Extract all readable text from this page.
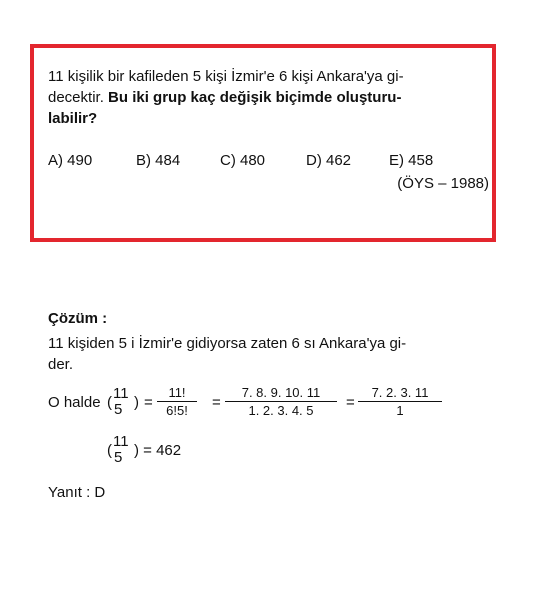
11 kişilik bir kafileden 5 kişi İzmir'e 6 kişi Ankara'ya gi-
decektir. Bu iki grup kaç değişik biçimde oluşturu-
labilir?
A) 490	B) 484	C) 480	D) 462	E) 458
(ÖYS – 1988)
Çözüm :
11 kişiden 5 i İzmir'e gidiyorsa zaten 6 sı Ankara'ya gi-
der.
O halde (
11
5 ) = $\frac{11!}{6!5!} = \frac{7. 8. 9. 10. 11}{1. 2. 3. 4. 5} = \frac{7. 2. 3. 11}{1}$
(
11
5 ) = 462
Yanıt : D
